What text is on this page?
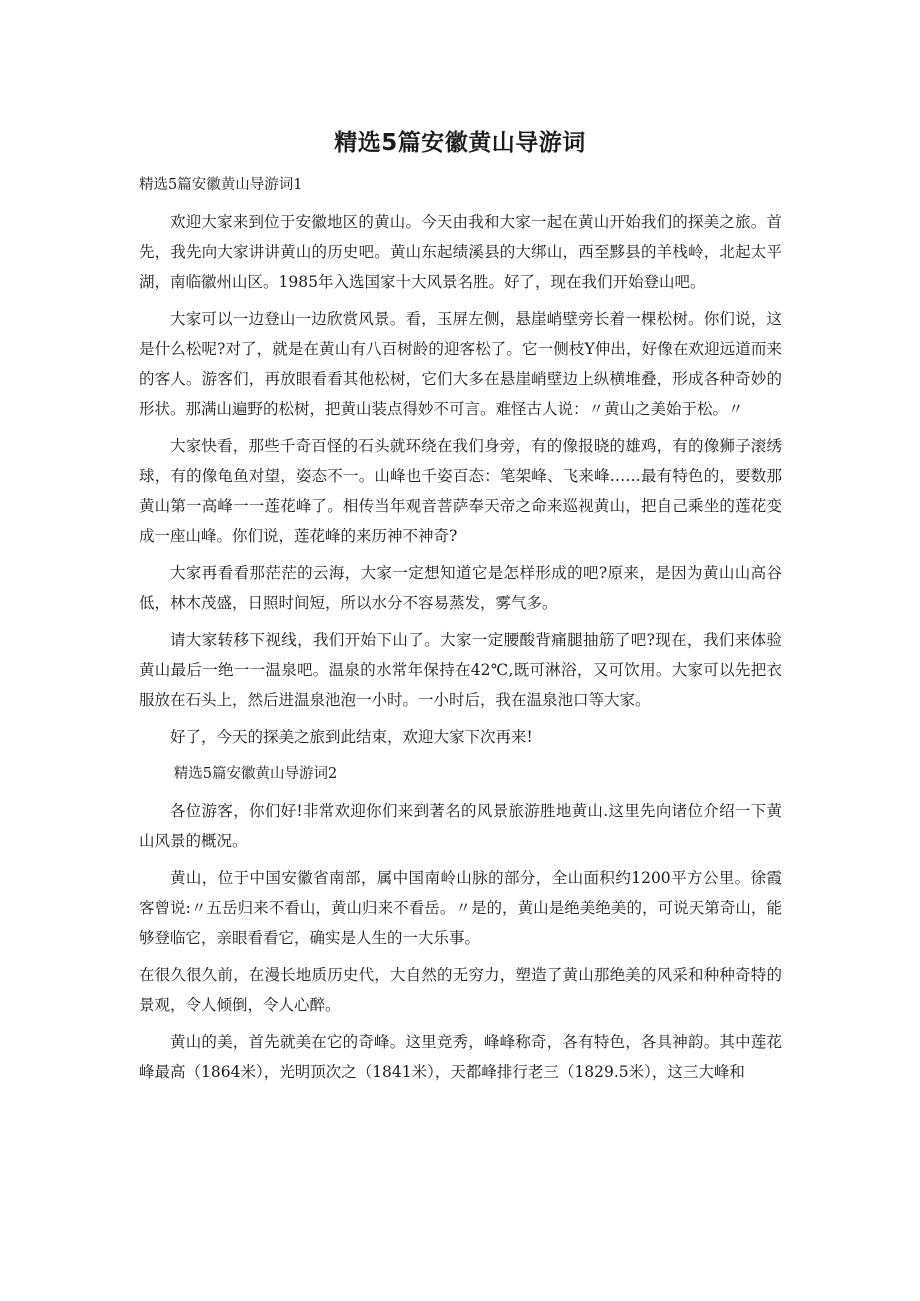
精选5篇安徽黄山导游词

精选5篇安徽黄山导游词1

欢迎大家来到位于安徽地区的黄山。今天由我和大家一起在黄山开始我们的探美之旅。首先，我先向大家讲讲黄山的历史吧。黄山东起绩溪县的大绑山，西至黟县的羊栈岭，北起太平湖，南临徽州山区。1985年入选国家十大风景名胜。好了，现在我们开始登山吧。

大家可以一边登山一边欣赏风景。看，玉屏左侧，悬崖峭壁旁长着一棵松树。你们说，这是什么松呢?对了，就是在黄山有八百树龄的迎客松了。它一侧枝Y伸出，好像在欢迎远道而来的客人。游客们，再放眼看看其他松树，它们大多在悬崖峭壁边上纵横堆叠，形成各种奇妙的形状。那满山遍野的松树，把黄山装点得妙不可言。难怪古人说：〃黄山之美始于松。〃

大家快看，那些千奇百怪的石头就环绕在我们身旁，有的像报晓的雄鸡，有的像狮子滚绣球，有的像龟鱼对望，姿态不一。山峰也千姿百态：笔架峰、飞来峰……最有特色的，要数那黄山第一高峰一一莲花峰了。相传当年观音菩萨奉天帝之命来巡视黄山，把自己乘坐的莲花变成一座山峰。你们说，莲花峰的来历神不神奇?

大家再看看那茫茫的云海，大家一定想知道它是怎样形成的吧?原来，是因为黄山山高谷低，林木茂盛，日照时间短，所以水分不容易蒸发，雾气多。

请大家转移下视线，我们开始下山了。大家一定腰酸背痛腿抽筋了吧?现在，我们来体验黄山最后一绝一一温泉吧。温泉的水常年保持在42℃,既可淋浴，又可饮用。大家可以先把衣服放在石头上，然后进温泉池泡一小时。一小时后，我在温泉池口等大家。

好了，今天的探美之旅到此结束，欢迎大家下次再来!

精选5篇安徽黄山导游词2

各位游客，你们好!非常欢迎你们来到著名的风景旅游胜地黄山.这里先向诸位介绍一下黄山风景的概况。

黄山，位于中国安徽省南部，属中国南岭山脉的部分，全山面积约1200平方公里。徐霞客曾说:〃五岳归来不看山，黄山归来不看岳。〃是的，黄山是绝美绝美的，可说天第奇山，能够登临它，亲眼看看它，确实是人生的一大乐事。

在很久很久前，在漫长地质历史代，大自然的无穷力，塑造了黄山那绝美的风采和种种奇特的景观，令人倾倒，令人心醉。

黄山的美，首先就美在它的奇峰。这里竞秀，峰峰称奇，各有特色，各具神韵。其中莲花峰最高（1864米），光明顶次之（1841米），天都峰排行老三（1829.5米），这三大峰和
